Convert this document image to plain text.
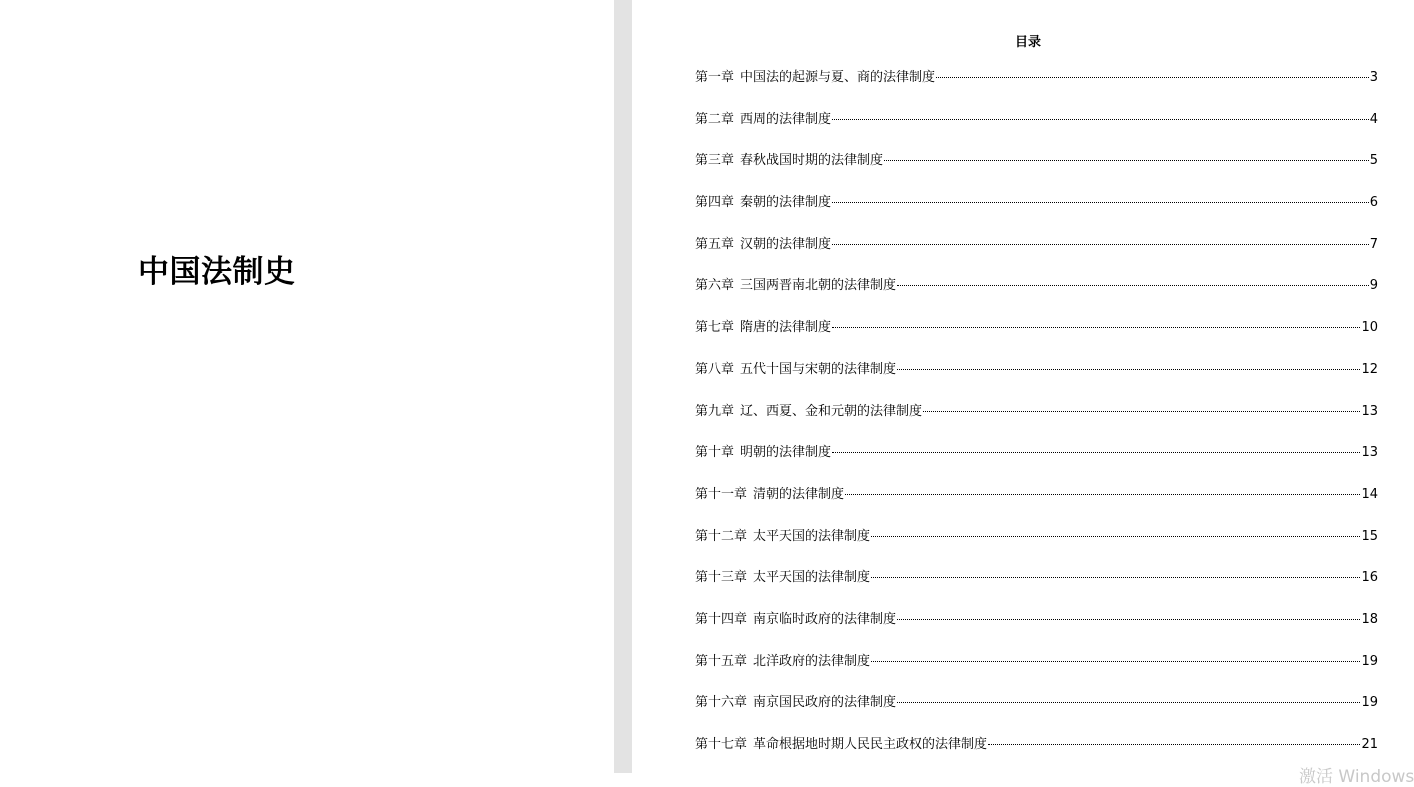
中国法制史
目录
第一章 中国法的起源与夏、商的法律制度	3
第二章 西周的法律制度	4
第三章 春秋战国时期的法律制度	5
第四章 秦朝的法律制度	6
第五章 汉朝的法律制度	7
第六章 三国两晋南北朝的法律制度	9
第七章 隋唐的法律制度	10
第八章 五代十国与宋朝的法律制度	12
第九章 辽、西夏、金和元朝的法律制度	13
第十章 明朝的法律制度	13
第十一章 清朝的法律制度	14
第十二章 太平天国的法律制度	15
第十三章 太平天国的法律制度	16
第十四章 南京临时政府的法律制度	18
第十五章 北洋政府的法律制度	19
第十六章 南京国民政府的法律制度	19
第十七章 革命根据地时期人民民主政权的法律制度	21
激活 Windows
